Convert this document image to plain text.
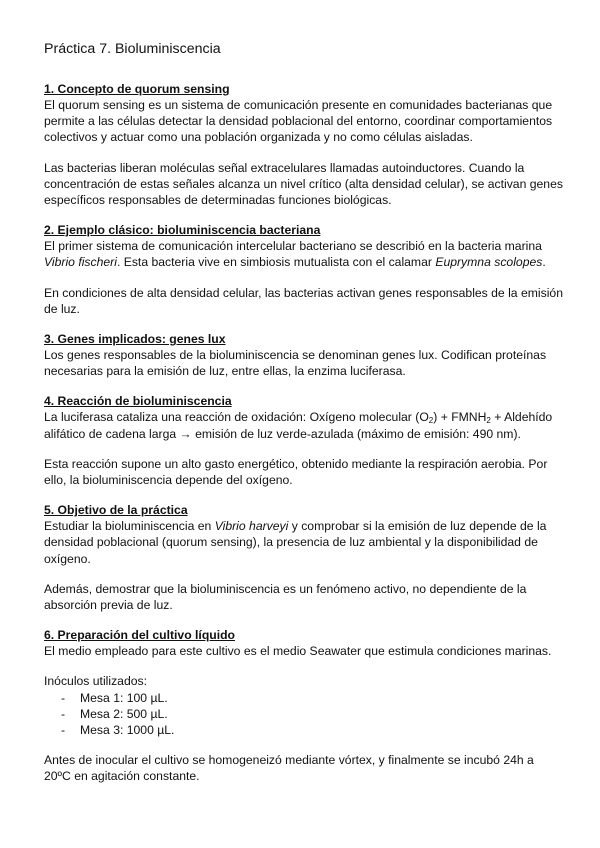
Práctica 7. Bioluminiscencia
1. Concepto de quorum sensing

El quorum sensing es un sistema de comunicación presente en comunidades bacterianas que permite a las células detectar la densidad poblacional del entorno, coordinar comportamientos colectivos y actuar como una población organizada y no como células aisladas.

Las bacterias liberan moléculas señal extracelulares llamadas autoinductores. Cuando la concentración de estas señales alcanza un nivel crítico (alta densidad celular), se activan genes específicos responsables de determinadas funciones biológicas.

2. Ejemplo clásico: bioluminiscencia bacteriana

El primer sistema de comunicación intercelular bacteriano se describió en la bacteria marina Vibrio fischeri. Esta bacteria vive en simbiosis mutualista con el calamar Euprymna scolopes.

En condiciones de alta densidad celular, las bacterias activan genes responsables de la emisión de luz.

3. Genes implicados: genes lux

Los genes responsables de la bioluminiscencia se denominan genes lux. Codifican proteínas necesarias para la emisión de luz, entre ellas, la enzima luciferasa.

4. Reacción de bioluminiscencia

La luciferasa cataliza una reacción de oxidación: Oxígeno molecular $(O_2)$ + $FMNH_2$ + Aldehído alifático de cadena larga → emisión de luz verde-azulada (máximo de emisión: 490 nm).

Esta reacción supone un alto gasto energético, obtenido mediante la respiración aerobia. Por ello, la bioluminiscencia depende del oxígeno.

5. Objetivo de la práctica

Estudiar la bioluminiscencia en Vibrio harveyi y comprobar si la emisión de luz depende de la densidad poblacional (quorum sensing), la presencia de luz ambiental y la disponibilidad de oxígeno.

Además, demostrar que la bioluminiscencia es un fenómeno activo, no dependiente de la absorción previa de luz.

6. Preparación del cultivo líquido

El medio empleado para este cultivo es el medio Seawater que estimula condiciones marinas.

Inóculos utilizados:

-	Mesa 1: 100 µL.
-	Mesa 2: 500 µL.
-	Mesa 3: 1000 µL.

Antes de inocular el cultivo se homogeneizó mediante vórtex, y finalmente se incubó 24h a 20ºC en agitación constante.
